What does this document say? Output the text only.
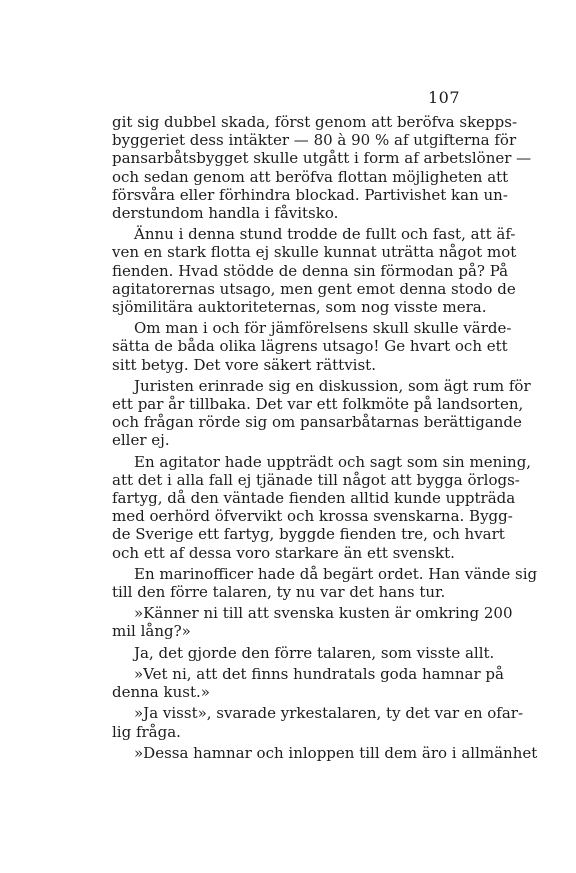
107
git sig dubbel skada, först genom att beröfva skepps-
byggeriet dess intäkter — 80 à 90 % af utgifterna för
pansarbåtsbygget skulle utgått i form af arbetslöner —
och sedan genom att beröfva flottan möjligheten att
försvåra eller förhindra blockad. Partivishet kan un-
derstundom handla i fåvitsko.
Ännu i denna stund trodde de fullt och fast, att äf-
ven en stark flotta ej skulle kunnat uträtta något mot
fienden. Hvad stödde de denna sin förmodan på? På
agitatorernas utsago, men gent emot denna stodo de
sjömilitära auktoriteternas, som nog visste mera.
Om man i och för jämförelsens skull skulle värde-
sätta de båda olika lägrens utsago! Ge hvart och ett
sitt betyg. Det vore säkert rättvist.
Juristen erinrade sig en diskussion, som ägt rum för
ett par år tillbaka. Det var ett folkmöte på landsorten,
och frågan rörde sig om pansarbåtarnas berättigande
eller ej.
En agitator hade uppträdt och sagt som sin mening,
att det i alla fall ej tjänade till något att bygga örlogs-
fartyg, då den väntade fienden alltid kunde uppträda
med oerhörd öfvervikt och krossa svenskarna. Bygg-
de Sverige ett fartyg, byggde fienden tre, och hvart
och ett af dessa voro starkare än ett svenskt.
En marinofficer hade då begärt ordet. Han vände sig
till den förre talaren, ty nu var det hans tur.
»Känner ni till att svenska kusten är omkring 200
mil lång?»
Ja, det gjorde den förre talaren, som visste allt.
»Vet ni, att det finns hundratals goda hamnar på
denna kust.»
»Ja visst», svarade yrkestalaren, ty det var en ofar-
lig fråga.
»Dessa hamnar och inloppen till dem äro i allmänhet
